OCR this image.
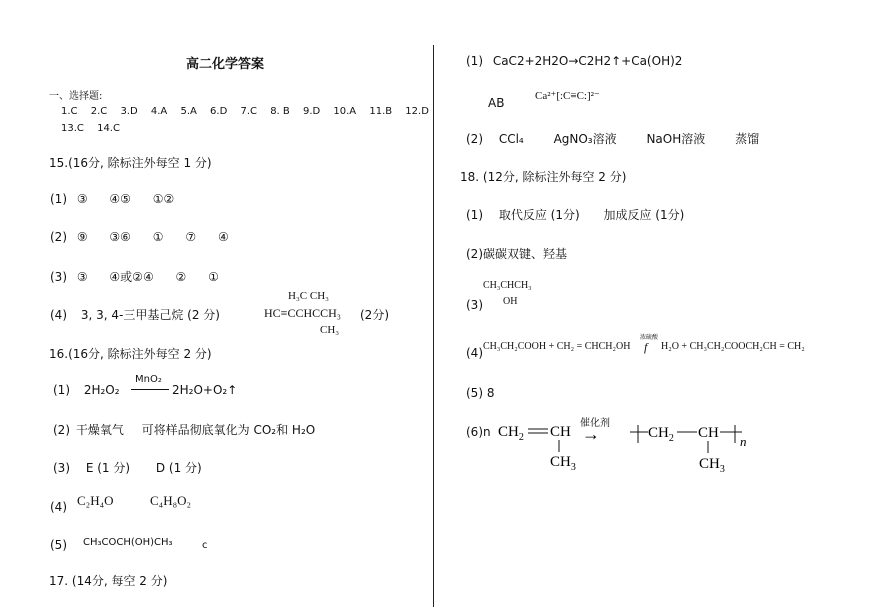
高二化学答案
一、选择题:
1.C 2.C 3.D 4.A 5.A 6.D 7.C 8. B 9.D 10.A 11.B 12.D
13.C 14.C
15.(16分, 除标注外每空 1 分)
(1) ③ ④⑤ ①②
(2) ⑨ ③⑥ ① ⑦ ④
(3) ③ ④或②④ ② ①
(4) 3, 3, 4-三甲基己烷 (2 分)
H₃C CH₃
HC≡CCHCCH₃
CH₃
(2分)
16.(16分, 除标注外每空 2 分)
(1) 2H₂O₂
MnO₂
2H₂O+O₂↑
(2) 干燥氧气 可将样品彻底氧化为 CO₂和 H₂O
(3) E (1 分) D (1 分)
(4) C₂H₄O	C₄H₈O₂
(5) CH₃COCH(OH)CH₃	c
17. (14分, 每空 2 分)
(1) CaC2+2H2O→C2H2↑+Ca(OH)2
AB	Ca²⁺[:C≡C:]²⁻
(2) CCl₄ AgNO₃溶液 NaOH溶液 蒸馏
18. (12分, 除标注外每空 2 分)
(1) 取代反应 (1分) 加成反应 (1分)
(2)碳碳双键、羟基
(3)
CH₃CHCH₃
OH
(4) CH₃CH₂COOH + CH₂ = CHCH₂OH
浓硫酸
f H₂O + CH₃CH₂COOCH₂CH = CH₂
(5) 8
(6)n
催化剂
$CH_2$ CH
$CH_3$
→	$CH_2$ CH
n
$CH_3$
